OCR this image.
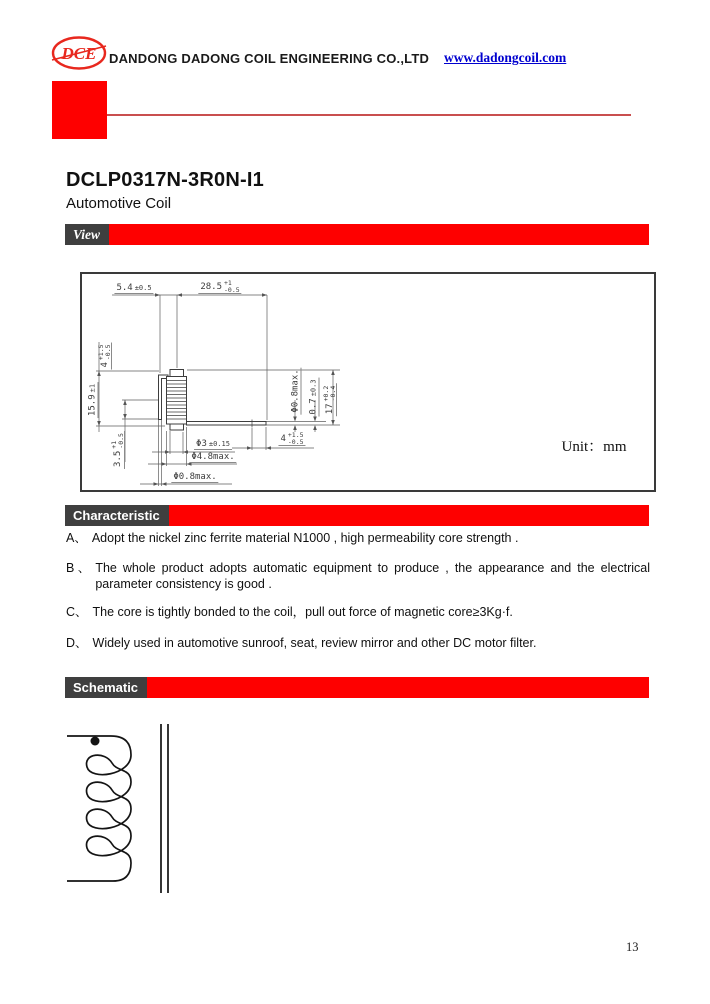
DCE DANDONG DADONG COIL ENGINEERING CO.,LTD www.dadongcoil.com
DCLP0317N-3R0N-I1
Automotive Coil
View
5.4 ±0.5	28.5 +1
-0.5
4
+1.5
-0.5
15.9
±1
3.5
+1
-0.5	Φ3 ±0.15
Φ4.8max.
Φ0.8max.
4 +1.5
-0.5
Φ0.8max. 0.7
±0.3
17
+0.2
-0.4
Unit：mm
Characteristic
A、 Adopt the nickel zinc ferrite material N1000 , high permeability core strength .
B 、 The whole product adopts automatic equipment to produce , the appearance and the electrical parameter consistency is good .
C、 The core is tightly bonded to the coil，pull out force of magnetic core≥3Kg·f.
D、 Widely used in automotive sunroof, seat, review mirror and other DC motor filter.
Schematic
13
